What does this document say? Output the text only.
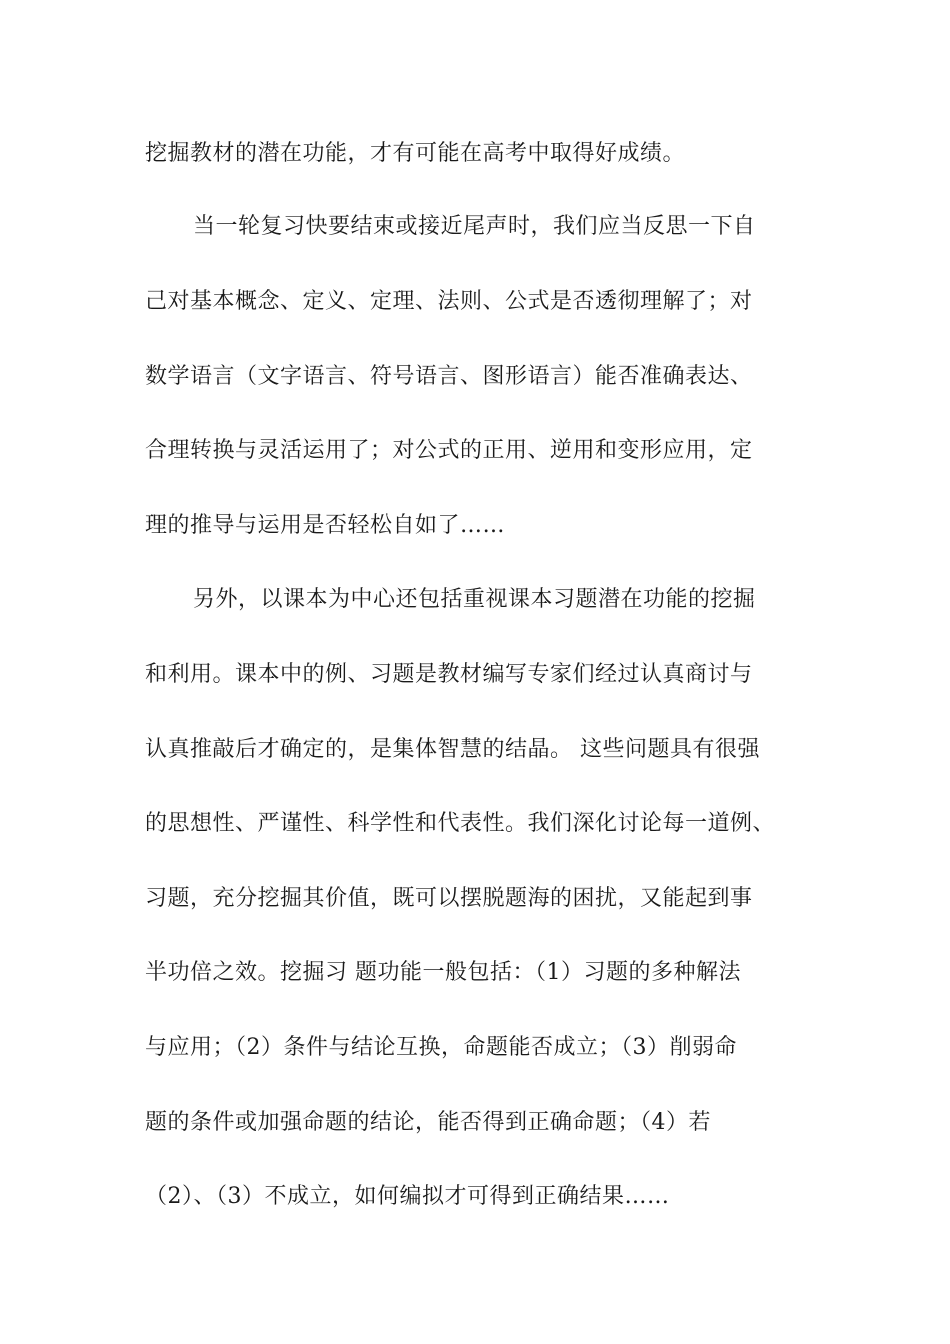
挖掘教材的潜在功能，才有可能在高考中取得好成绩。
当一轮复习快要结束或接近尾声时，我们应当反思一下自
己对基本概念、定义、定理、法则、公式是否透彻理解了；对
数学语言（文字语言、符号语言、图形语言）能否准确表达、
合理转换与灵活运用了；对公式的正用、逆用和变形应用，定
理的推导与运用是否轻松自如了……
另外，以课本为中心还包括重视课本习题潜在功能的挖掘
和利用。课本中的例、习题是教材编写专家们经过认真商讨与
认真推敲后才确定的，是集体智慧的结晶。 这些问题具有很强
的思想性、严谨性、科学性和代表性。我们深化讨论每一道例、
习题，充分挖掘其价值，既可以摆脱题海的困扰，又能起到事
半功倍之效。挖掘习 题功能一般包括：（1）习题的多种解法
与应用；（2）条件与结论互换，命题能否成立；（3）削弱命
题的条件或加强命题的结论，能否得到正确命题；（4）若
（2）、（3）不成立，如何编拟才可得到正确结果……
